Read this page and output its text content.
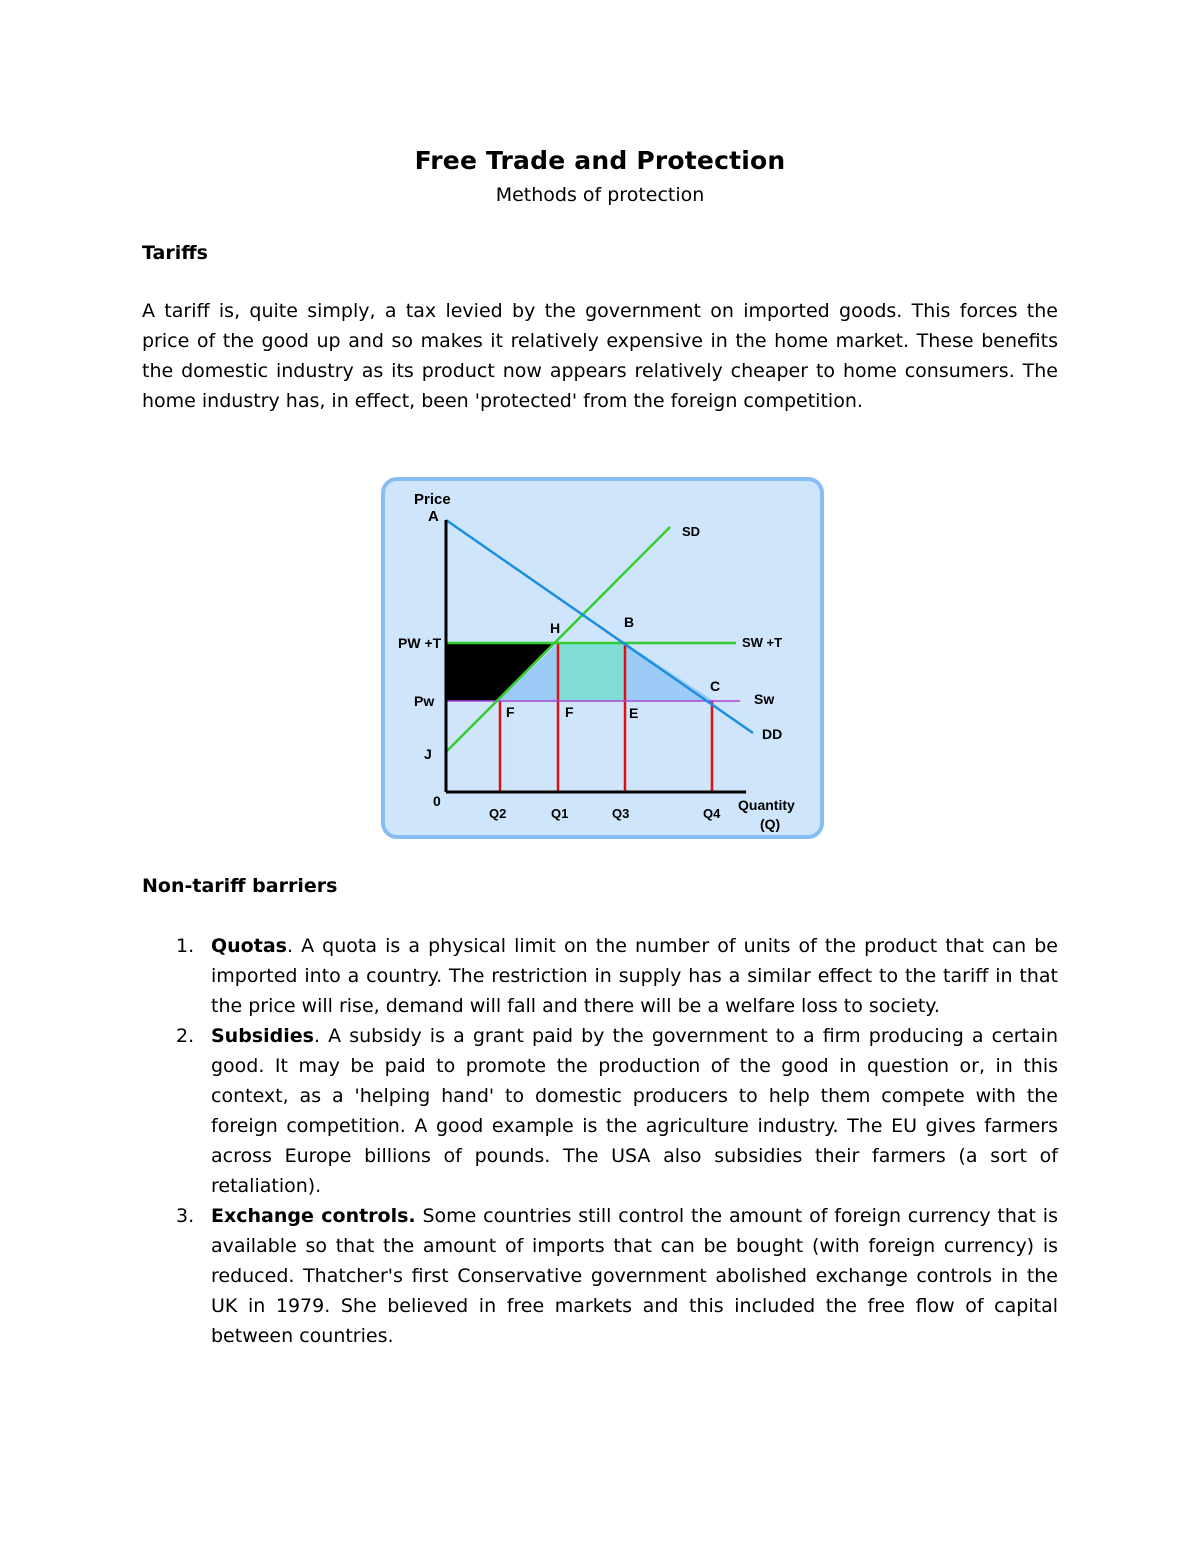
Free Trade and Protection
Methods of protection
Tariffs

A tariff is, quite simply, a tax levied by the government on imported goods. This forces the price of the good up and so makes it relatively expensive in the home market. These benefits the domestic industry as its product now appears relatively cheaper to home consumers. The home industry has, in effect, been 'protected' from the foreign competition.

Price
A
PW +T
Pw
J
0
H	B
C
F	F	E
SD
SW +T
Sw
DD
Q2	Q1	Q3	Q4
Quantity
(Q)
Non-tariff barriers
1. Quotas. A quota is a physical limit on the number of units of the product that can be imported into a country. The restriction in supply has a similar effect to the tariff in that the price will rise, demand will fall and there will be a welfare loss to society.
2. Subsidies. A subsidy is a grant paid by the government to a firm producing a certain good. It may be paid to promote the production of the good in question or, in this context, as a 'helping hand' to domestic producers to help them compete with the foreign competition. A good example is the agriculture industry. The EU gives farmers across Europe billions of pounds. The USA also subsidies their farmers (a sort of retaliation).
3. Exchange controls. Some countries still control the amount of foreign currency that is available so that the amount of imports that can be bought (with foreign currency) is reduced. Thatcher's first Conservative government abolished exchange controls in the UK in 1979. She believed in free markets and this included the free flow of capital between countries.
